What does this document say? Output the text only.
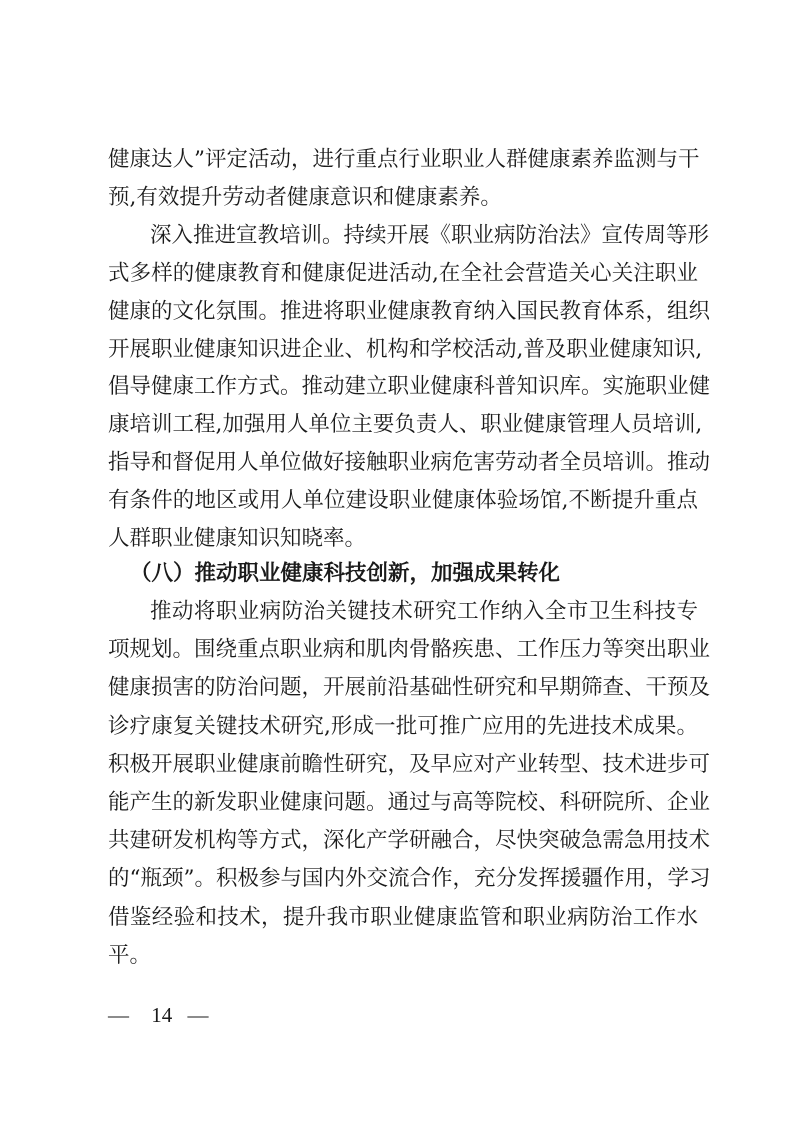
健康达人”评定活动，进行重点行业职业人群健康素养监测与干
预,有效提升劳动者健康意识和健康素养。
深入推进宣教培训。持续开展《职业病防治法》宣传周等形
式多样的健康教育和健康促进活动,在全社会营造关心关注职业
健康的文化氛围。推进将职业健康教育纳入国民教育体系，组织
开展职业健康知识进企业、机构和学校活动,普及职业健康知识,
倡导健康工作方式。推动建立职业健康科普知识库。实施职业健
康培训工程,加强用人单位主要负责人、职业健康管理人员培训,
指导和督促用人单位做好接触职业病危害劳动者全员培训。推动
有条件的地区或用人单位建设职业健康体验场馆,不断提升重点
人群职业健康知识知晓率。
（八）推动职业健康科技创新，加强成果转化
推动将职业病防治关键技术研究工作纳入全市卫生科技专
项规划。围绕重点职业病和肌肉骨骼疾患、工作压力等突出职业
健康损害的防治问题，开展前沿基础性研究和早期筛查、干预及
诊疗康复关键技术研究,形成一批可推广应用的先进技术成果。
积极开展职业健康前瞻性研究，及早应对产业转型、技术进步可
能产生的新发职业健康问题。通过与高等院校、科研院所、企业
共建研发机构等方式，深化产学研融合，尽快突破急需急用技术
的“瓶颈”。积极参与国内外交流合作，充分发挥援疆作用，学习
借鉴经验和技术，提升我市职业健康监管和职业病防治工作水
平。
— 14 —
